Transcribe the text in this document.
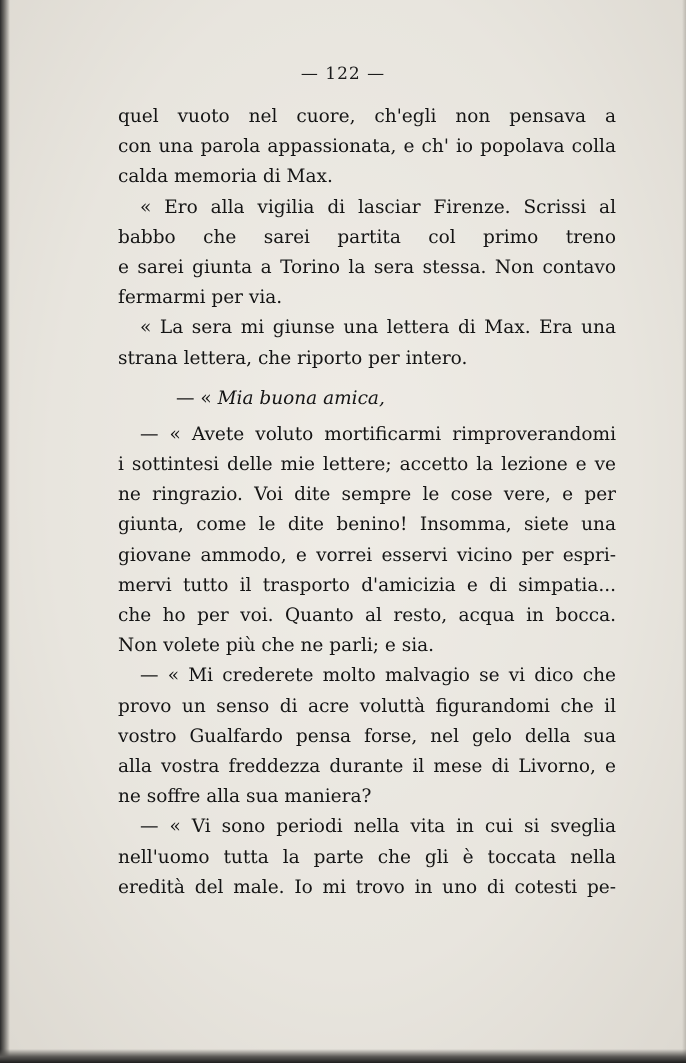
— 122 —

quel vuoto nel cuore, ch'egli non pensava a
con una parola appassionata, e ch' io popolava colla
calda memoria di Max.
« Ero alla vigilia di lasciar Firenze. Scrissi al
babbo che sarei partita col primo treno
e sarei giunta a Torino la sera stessa. Non contavo
fermarmi per via.
« La sera mi giunse una lettera di Max. Era una
strana lettera, che riporto per intero.
— « Mia buona amica,
— « Avete voluto mortificarmi rimproverandomi
i sottintesi delle mie lettere; accetto la lezione e ve
ne ringrazio. Voi dite sempre le cose vere, e per
giunta, come le dite benino! Insomma, siete una
giovane ammodo, e vorrei esservi vicino per espri-
mervi tutto il trasporto d'amicizia e di simpatia...
che ho per voi. Quanto al resto, acqua in bocca.
Non volete più che ne parli; e sia.
— « Mi crederete molto malvagio se vi dico che
provo un senso di acre voluttà figurandomi che il
vostro Gualfardo pensa forse, nel gelo della sua
alla vostra freddezza durante il mese di Livorno, e
ne soffre alla sua maniera?
— « Vi sono periodi nella vita in cui si sveglia
nell'uomo tutta la parte che gli è toccata nella
eredità del male. Io mi trovo in uno di cotesti pe-
